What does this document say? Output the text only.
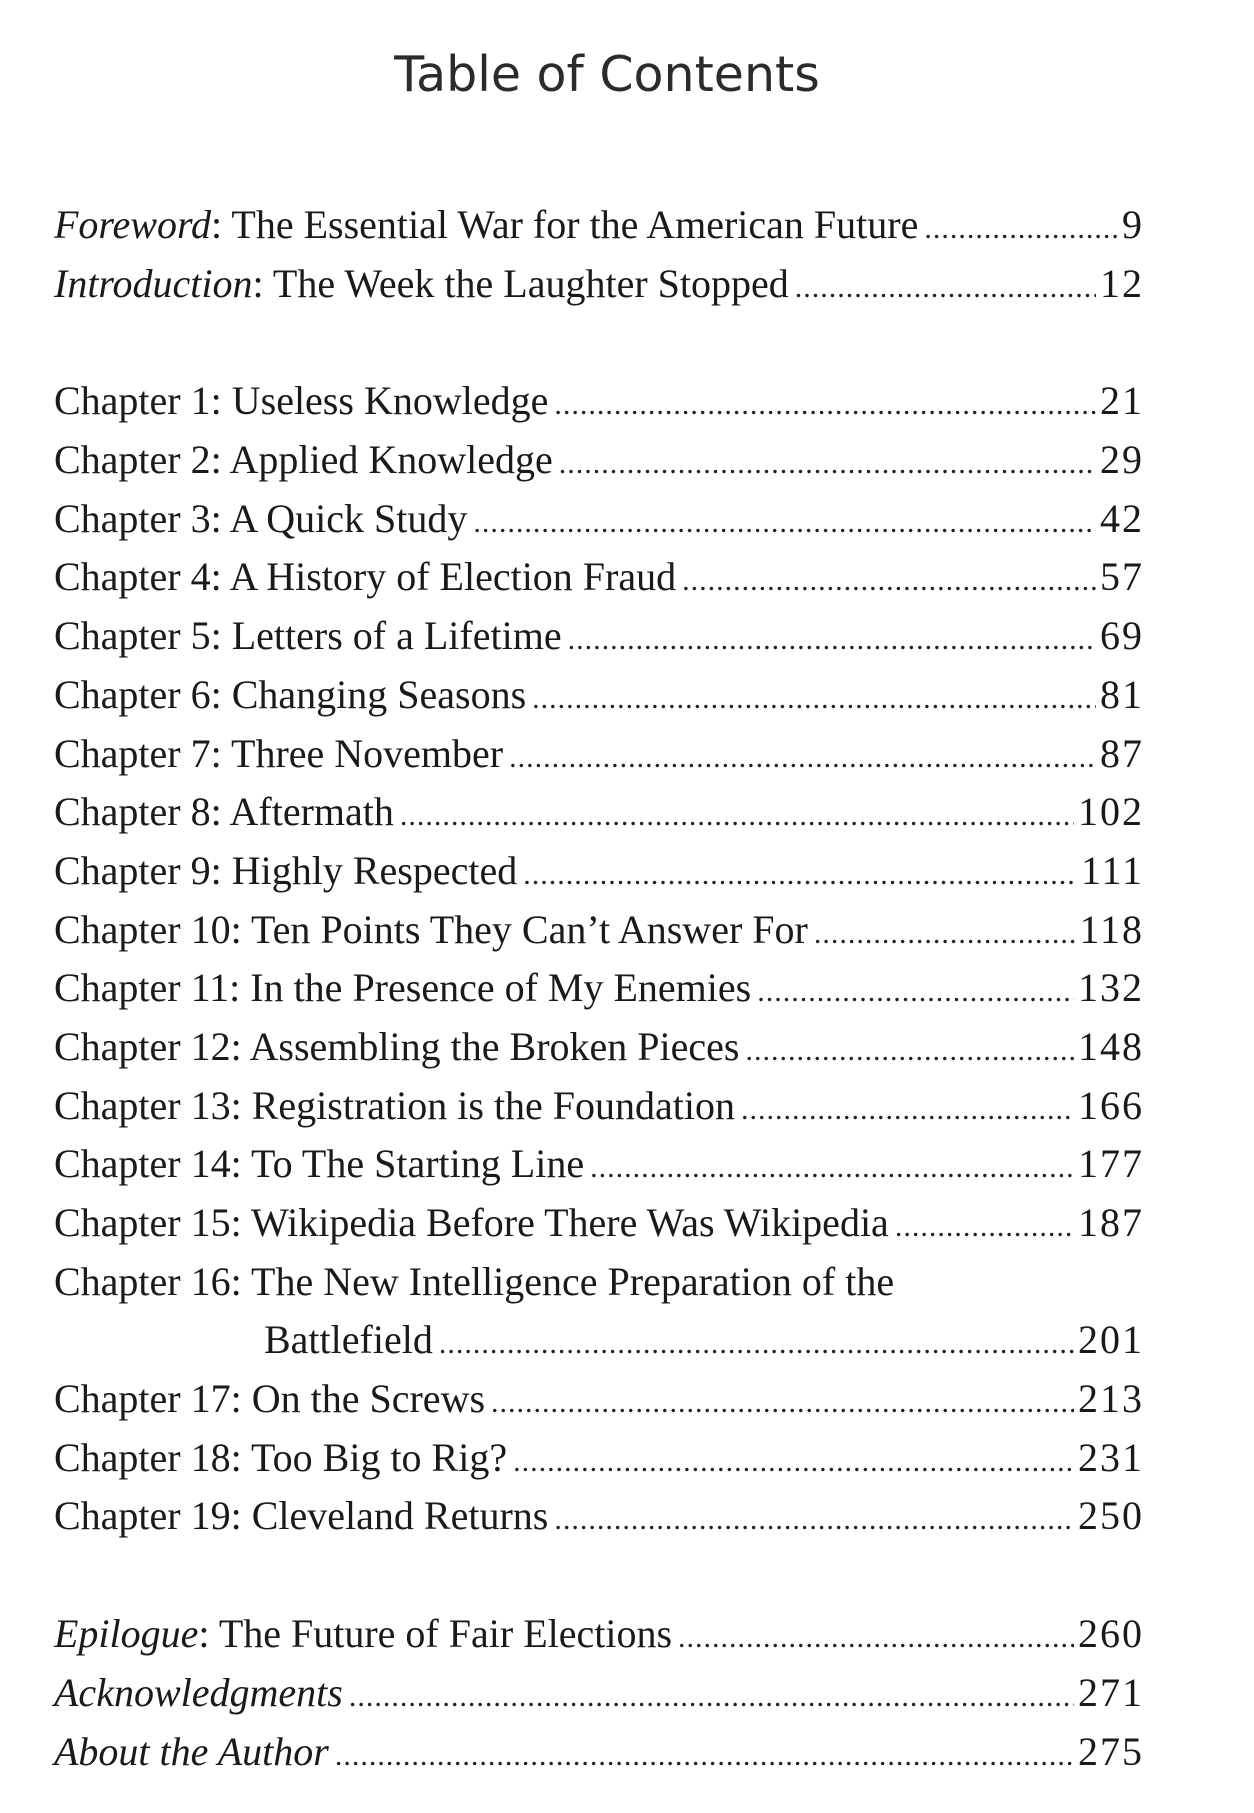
Table of Contents
Foreword: The Essential War for the American Future .....	9
Introduction: The Week the Laughter Stopped .....	12
Chapter 1: Useless Knowledge .....	21
Chapter 2: Applied Knowledge .....	29
Chapter 3: A Quick Study .....	42
Chapter 4: A History of Election Fraud .....	57
Chapter 5: Letters of a Lifetime .....	69
Chapter 6: Changing Seasons .....	81
Chapter 7: Three November .....	87
Chapter 8: Aftermath .....	102
Chapter 9: Highly Respected .....	111
Chapter 10: Ten Points They Can’t Answer For .....	118
Chapter 11: In the Presence of My Enemies .....	132
Chapter 12: Assembling the Broken Pieces .....	148
Chapter 13: Registration is the Foundation .....	166
Chapter 14: To The Starting Line .....	177
Chapter 15: Wikipedia Before There Was Wikipedia .....	187
Chapter 16: The New Intelligence Preparation of the
Battlefield .....	201
Chapter 17: On the Screws .....	213
Chapter 18: Too Big to Rig? .....	231
Chapter 19: Cleveland Returns .....	250
Epilogue: The Future of Fair Elections .....	260
Acknowledgments .....	271
About the Author .....	275
